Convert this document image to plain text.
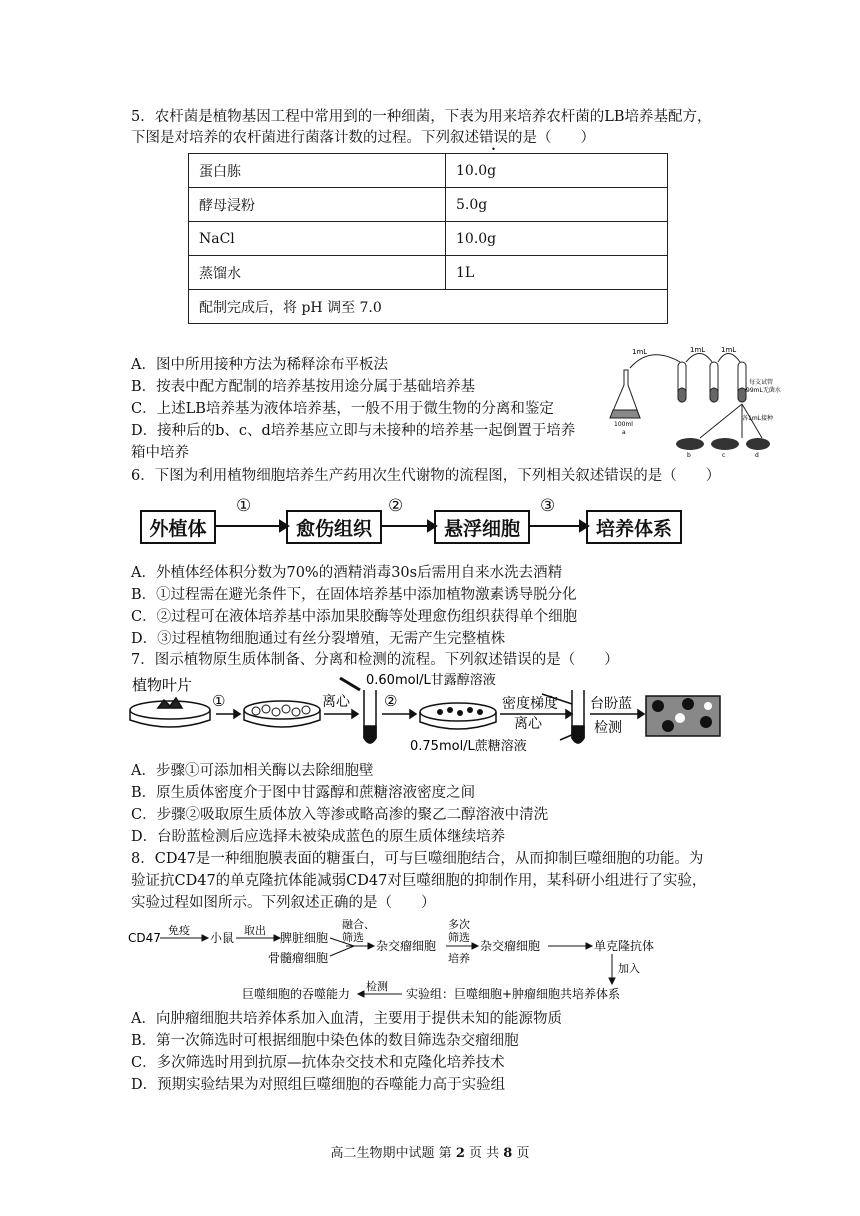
5．农杆菌是植物基因工程中常用到的一种细菌，下表为用来培养农杆菌的LB培养基配方，
下图是对培养的农杆菌进行菌落计数的过程。下列叙述错误的是（　　）
蛋白胨	10.0g
酵母浸粉	5.0g
NaCl	10.0g
蒸馏水	1L
配制完成后，将 pH 调至 7.0	
A．图中所用接种方法为稀释涂布平板法
B．按表中配方配制的培养基按用途分属于基础培养基
C．上述LB培养基为液体培养基，一般不用于微生物的分离和鉴定
D．接种后的b、c、d培养基应立即与未接种的培养基一起倒置于培养
箱中培养
1mL	1mL 1mL
每支试管
99mL无菌水
100ml
a
各1mL接种
b	c	d
6．下图为利用植物细胞培养生产药用次生代谢物的流程图，下列相关叙述错误的是（　　）
外植体	愈伤组织	悬浮细胞	培养体系
①	②	③
A．外植体经体积分数为70%的酒精消毒30s后需用自来水洗去酒精
B．①过程需在避光条件下，在固体培养基中添加植物激素诱导脱分化
C．②过程可在液体培养基中添加果胶酶等处理愈伤组织获得单个细胞
D．③过程植物细胞通过有丝分裂增殖，无需产生完整植株
7．图示植物原生质体制备、分离和检测的流程。下列叙述错误的是（　　）
植物叶片
①	离心 ②
0.60mol/L甘露醇溶液
密度梯度
离心
0.75mol/L蔗糖溶液
台盼蓝
检测
A．步骤①可添加相关酶以去除细胞壁
B．原生质体密度介于图中甘露醇和蔗糖溶液密度之间
C．步骤②吸取原生质体放入等渗或略高渗的聚乙二醇溶液中清洗
D．台盼蓝检测后应选择未被染成蓝色的原生质体继续培养
8．CD47是一种细胞膜表面的糖蛋白，可与巨噬细胞结合，从而抑制巨噬细胞的功能。为
验证抗CD47的单克隆抗体能减弱CD47对巨噬细胞的抑制作用，某科研小组进行了实验，
实验过程如图所示。下列叙述正确的是（　　）
CD47
免疫
小鼠
取出
脾脏细胞
骨髓瘤细胞
融合、
筛选
杂交瘤细胞
多次
筛选
培养
杂交瘤细胞	单克隆抗体
加入
巨噬细胞的吞噬能力
检测
实验组：巨噬细胞+肿瘤细胞共培养体系
A．向肿瘤细胞共培养体系加入血清，主要用于提供未知的能源物质
B．第一次筛选时可根据细胞中染色体的数目筛选杂交瘤细胞
C．多次筛选时用到抗原—抗体杂交技术和克隆化培养技术
D．预期实验结果为对照组巨噬细胞的吞噬能力高于实验组
高二生物期中试题 第 2 页 共 8 页
